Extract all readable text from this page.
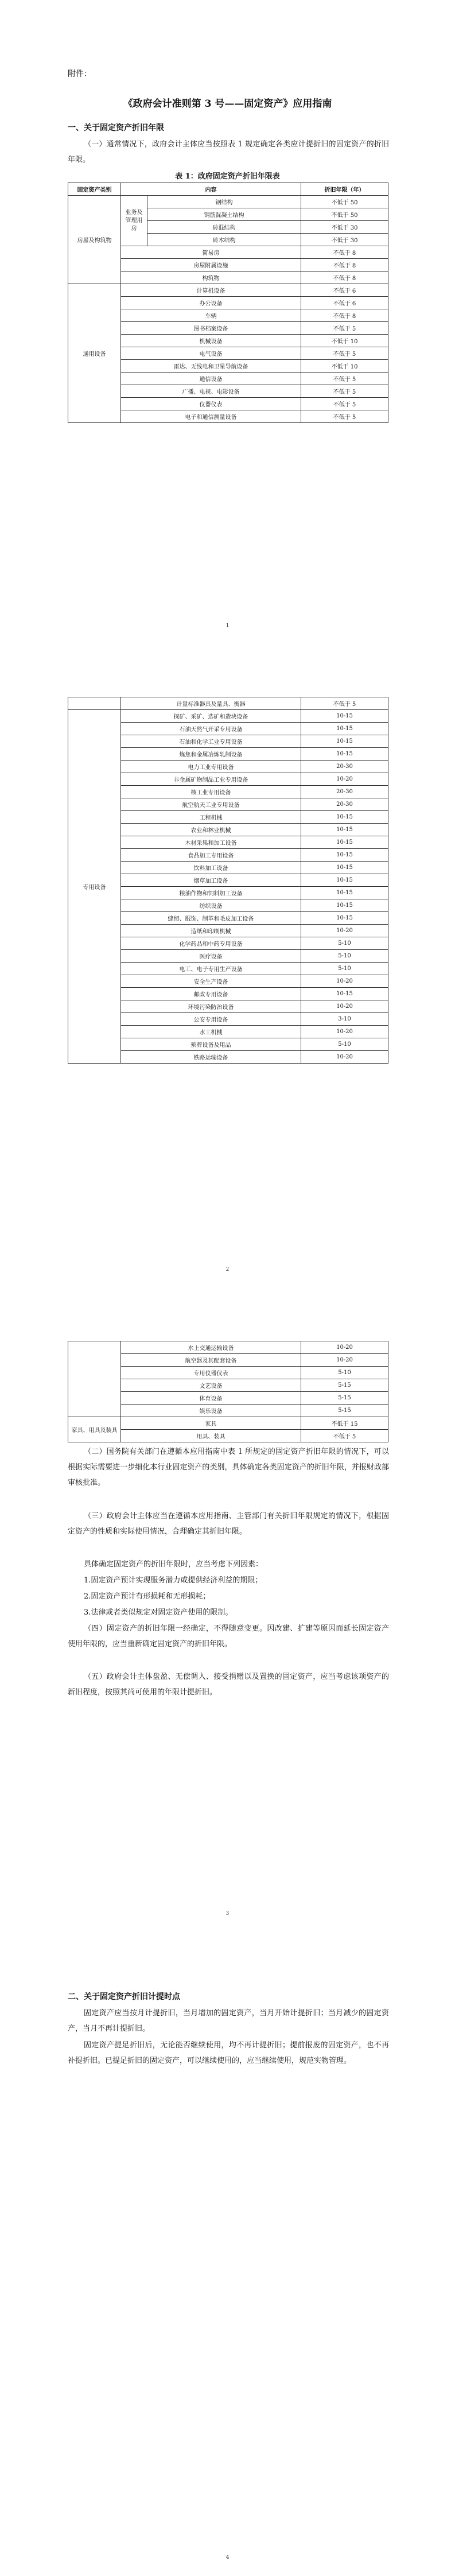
附件：
《政府会计准则第 3 号——固定资产》应用指南
一、关于固定资产折旧年限
（一）通常情况下，政府会计主体应当按照表 1 规定确定各类应计提折旧的固定资产的折旧年限。
表 1：政府固定资产折旧年限表
固定资产类别	内容		折旧年限（年）
房屋及构筑物	业务及管理用房	钢结构	不低于 50
		钢筋混凝土结构	不低于 50
		砖混结构	不低于 30
		砖木结构	不低于 30
	简易房		不低于 8
	房屋附属设施		不低于 8
	构筑物		不低于 8
通用设备	计算机设备		不低于 6
	办公设备		不低于 6
	车辆		不低于 8
	图书档案设备		不低于 5
	机械设备		不低于 10
	电气设备		不低于 5
	雷达、无线电和卫星导航设备		不低于 10
	通信设备		不低于 5
	广播、电视、电影设备		不低于 5
	仪器仪表		不低于 5
	电子和通信测量设备		不低于 5
1
	计量标准器具及量具、衡器	不低于 5
专用设备	探矿、采矿、选矿和造块设备	10-15
	石油天然气开采专用设备	10-15
	石油和化学工业专用设备	10-15
	炼焦和金属冶炼轧制设备	10-15
	电力工业专用设备	20-30
	非金属矿物制品工业专用设备	10-20
	核工业专用设备	20-30
	航空航天工业专用设备	20-30
	工程机械	10-15
	农业和林业机械	10-15
	木材采集和加工设备	10-15
	食品加工专用设备	10-15
	饮料加工设备	10-15
	烟草加工设备	10-15
	粮油作物和饲料加工设备	10-15
	纺织设备	10-15
	缝纫、服饰、制革和毛皮加工设备	10-15
	造纸和印刷机械	10-20
	化学药品和中药专用设备	5-10
	医疗设备	5-10
	电工、电子专用生产设备	5-10
	安全生产设备	10-20
	邮政专用设备	10-15
	环境污染防治设备	10-20
	公安专用设备	3-10
	水工机械	10-20
	殡葬设备及用品	5-10
	铁路运输设备	10-20
2
	水上交通运输设备	10-20
	航空器及其配套设备	10-20
	专用仪器仪表	5-10
	文艺设备	5-15
	体育设备	5-15
	娱乐设备	5-15
家具、用具及装具	家具	不低于 15
	用具、装具	不低于 5
（二）国务院有关部门在遵循本应用指南中表 1 所规定的固定资产折旧年限的情况下，可以根据实际需要进一步细化本行业固定资产的类别，具体确定各类固定资产的折旧年限，并报财政部审核批准。
（三）政府会计主体应当在遵循本应用指南、主管部门有关折旧年限规定的情况下，根据固定资产的性质和实际使用情况，合理确定其折旧年限。
具体确定固定资产的折旧年限时，应当考虑下列因素：
1.固定资产预计实现服务潜力或提供经济利益的期限；
2.固定资产预计有形损耗和无形损耗；
3.法律或者类似规定对固定资产使用的限制。
（四）固定资产的折旧年限一经确定，不得随意变更。因改建、扩建等原因而延长固定资产使用年限的，应当重新确定固定资产的折旧年限。
（五）政府会计主体盘盈、无偿调入、接受捐赠以及置换的固定资产，应当考虑该项资产的新旧程度，按照其尚可使用的年限计提折旧。
3
二、关于固定资产折旧计提时点
固定资产应当按月计提折旧，当月增加的固定资产，当月开始计提折旧；当月减少的固定资产，当月不再计提折旧。
固定资产提足折旧后，无论能否继续使用，均不再计提折旧；提前报废的固定资产，也不再补提折旧。已提足折旧的固定资产，可以继续使用的，应当继续使用，规范实物管理。
4
